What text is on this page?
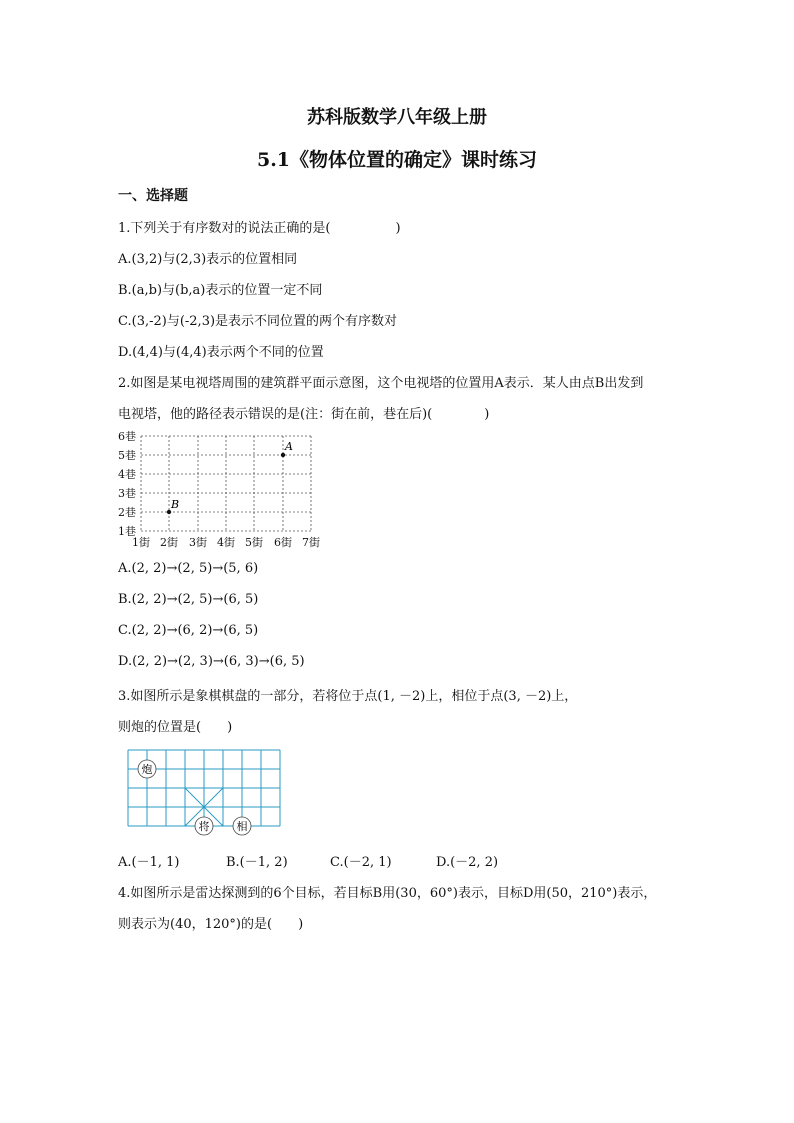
苏科版数学八年级上册
5.1《物体位置的确定》课时练习
一、选择题
1.下列关于有序数对的说法正确的是(　　　　　)
A.(3,2)与(2,3)表示的位置相同
B.(a,b)与(b,a)表示的位置一定不同
C.(3,-2)与(-2,3)是表示不同位置的两个有序数对
D.(4,4)与(4,4)表示两个不同的位置
2.如图是某电视塔周围的建筑群平面示意图，这个电视塔的位置用A表示．某人由点B出发到
电视塔，他的路径表示错误的是(注：街在前，巷在后)(　　　　)
6巷
5巷
4巷
3巷
2巷
1巷
1街 2街 3街 4街 5街 6街 7街
A
B
A.(2, 2)→(2, 5)→(5, 6)
B.(2, 2)→(2, 5)→(6, 5)
C.(2, 2)→(6, 2)→(6, 5)
D.(2, 2)→(2, 3)→(6, 3)→(6, 5)
3.如图所示是象棋棋盘的一部分，若将位于点(1, －2)上，相位于点(3, －2)上，
则炮的位置是(　　)
炮
将 相
A.(－1, 1)	B.(－1, 2)	C.(－2, 1)	D.(－2, 2)
4.如图所示是雷达探测到的6个目标，若目标B用(30，60°)表示，目标D用(50，210°)表示，
则表示为(40，120°)的是(　　)
